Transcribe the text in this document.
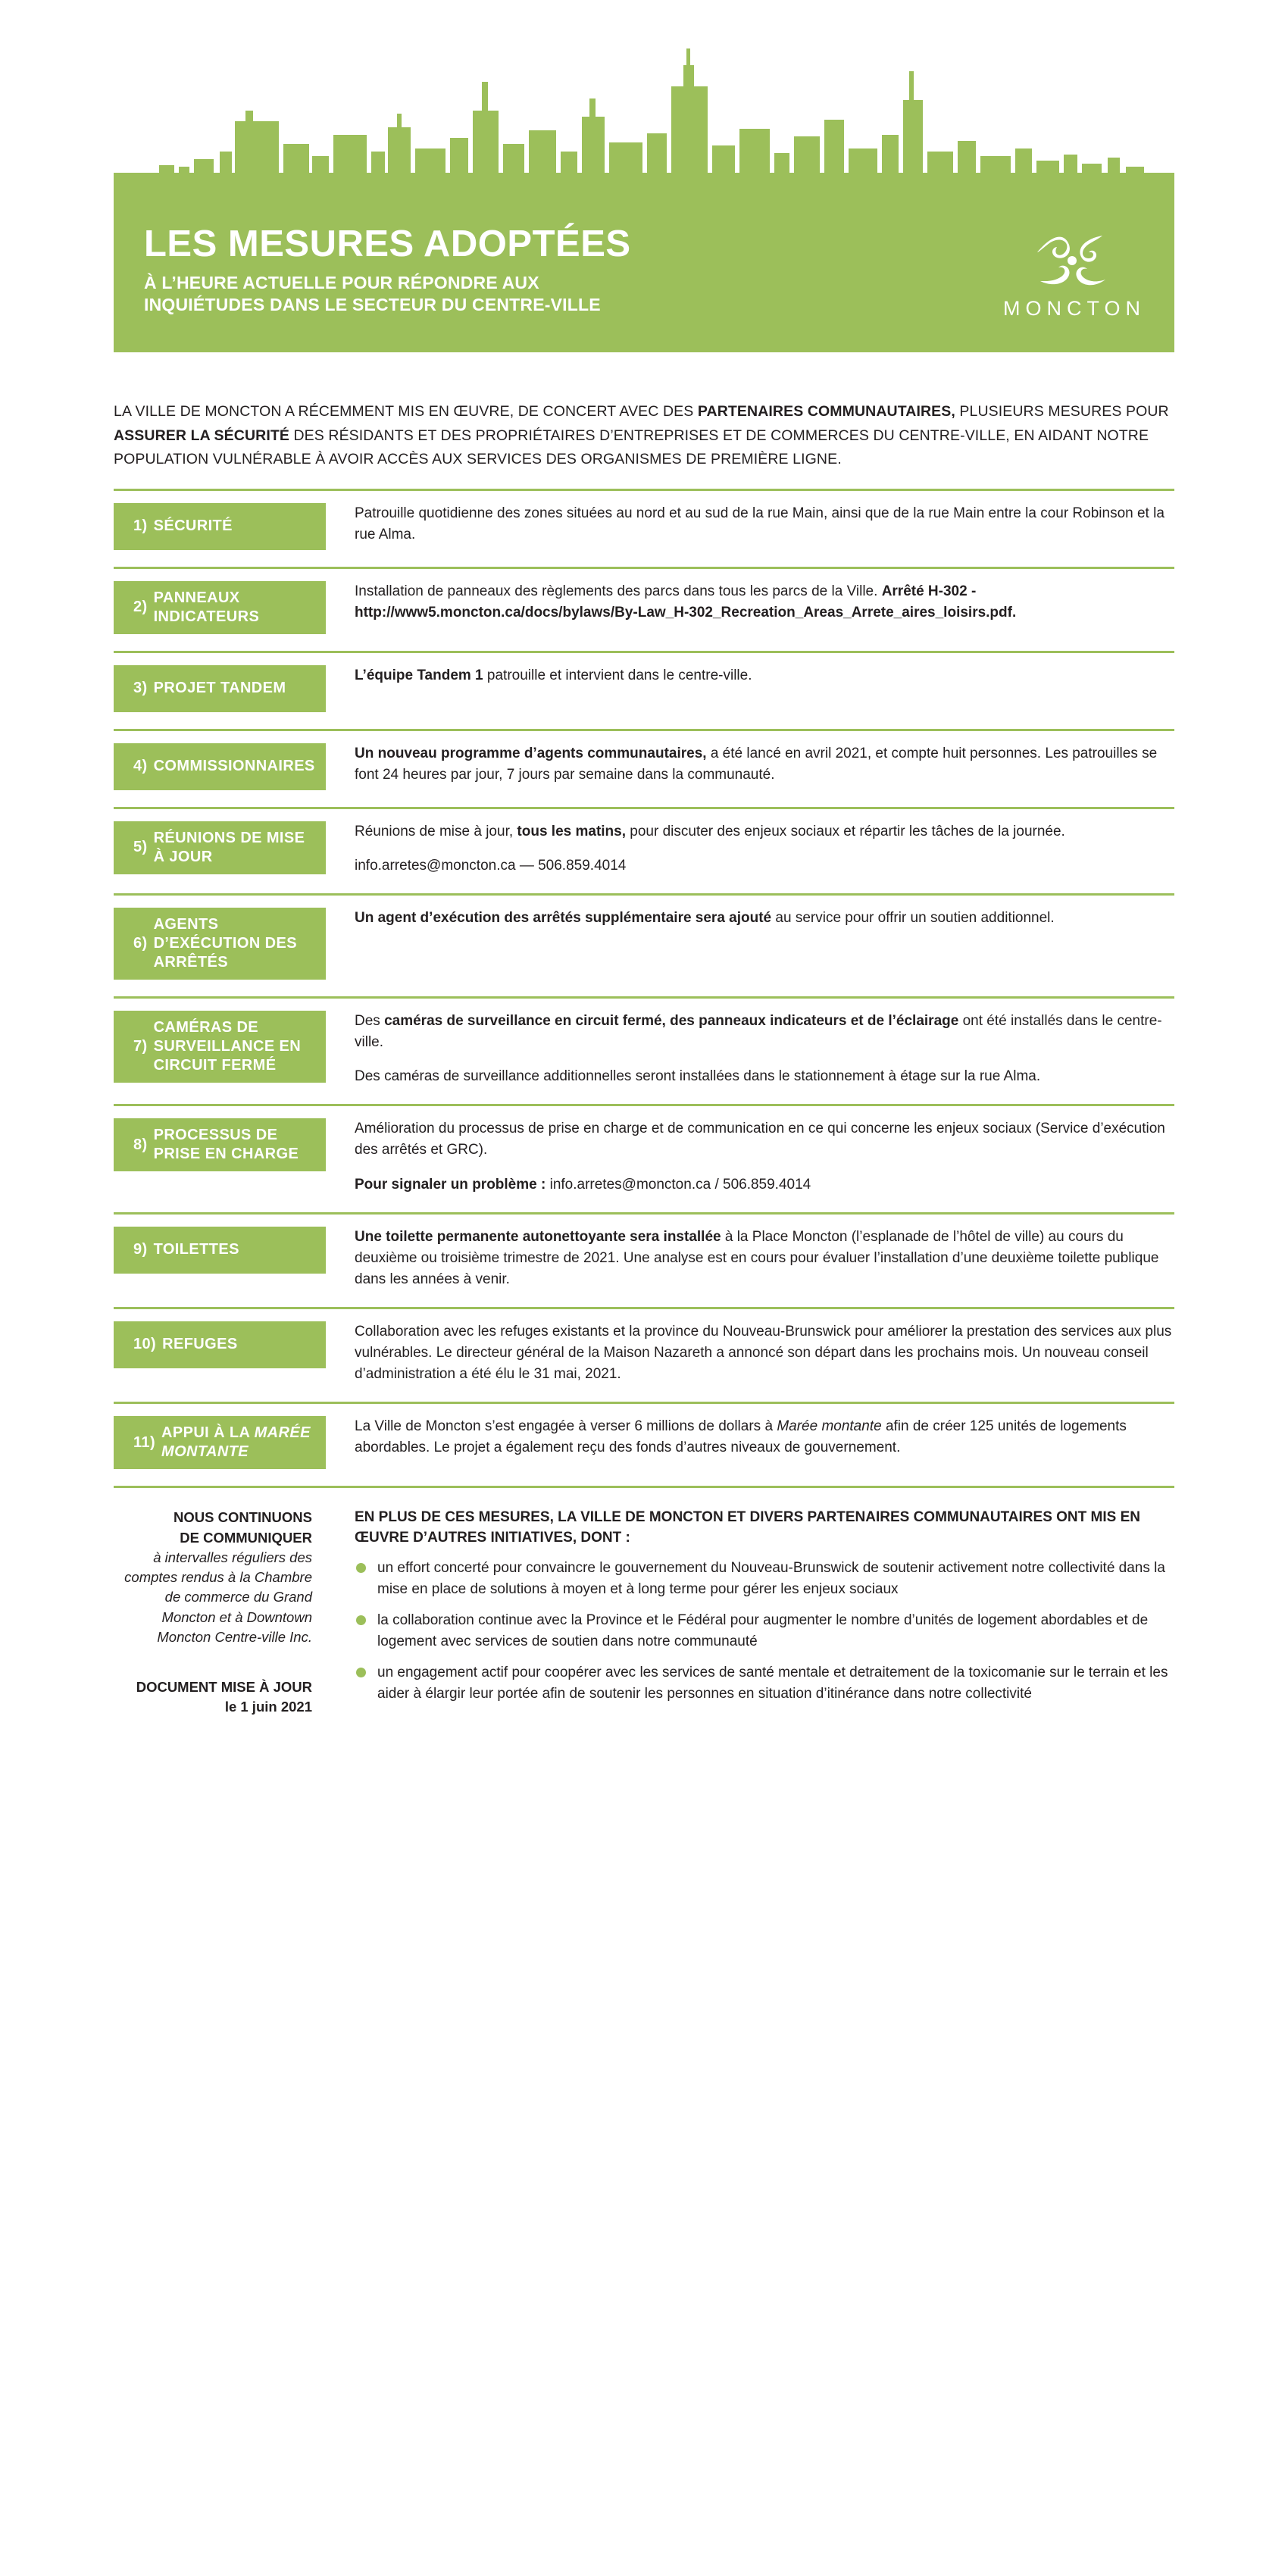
LES MESURES ADOPTÉES
À L’HEURE ACTUELLE POUR RÉPONDRE AUX
INQUIÉTUDES DANS LE SECTEUR DU CENTRE-VILLE	MONCTON
LA VILLE DE MONCTON A RÉCEMMENT MIS EN ŒUVRE, DE CONCERT AVEC DES PARTENAIRES COMMUNAUTAIRES, PLUSIEURS MESURES POUR ASSURER LA SÉCURITÉ DES RÉSIDANTS ET DES PROPRIÉTAIRES D’ENTREPRISES ET DE COMMERCES DU CENTRE-VILLE, EN AIDANT NOTRE POPULATION VULNÉRABLE À AVOIR ACCÈS AUX SERVICES DES ORGANISMES DE PREMIÈRE LIGNE.
1) SÉCURITÉ

Patrouille quotidienne des zones situées au nord et au sud de la rue Main, ainsi que de la rue Main entre la cour Robinson et la rue Alma.

2)
PANNEAUX INDICATEURS

Installation de panneaux des règlements des parcs dans tous les parcs de la Ville. Arrêté H-302 - http://www5.moncton.ca/docs/bylaws/By-Law_H-302_Recreation_Areas_Arrete_aires_loisirs.pdf.

3) PROJET TANDEM

L’équipe Tandem 1 patrouille et intervient dans le centre-ville.

4) COMMISSIONNAIRES

Un nouveau programme d’agents communautaires, a été lancé en avril 2021, et compte huit personnes. Les patrouilles se font 24 heures par jour, 7 jours par semaine dans la communauté.

5)
RÉUNIONS DE MISE À JOUR

Réunions de mise à jour, tous les matins, pour discuter des enjeux sociaux et répartir les tâches de la journée.

info.arretes@moncton.ca — 506.859.4014

6)
AGENTS D’EXÉCUTION DES ARRÊTÉS

Un agent d’exécution des arrêtés supplémentaire sera ajouté au service pour offrir un soutien additionnel.

7)
CAMÉRAS DE SURVEILLANCE EN CIRCUIT FERMÉ

Des caméras de surveillance en circuit fermé, des panneaux indicateurs et de l’éclairage ont été installés dans le centre-ville.

Des caméras de surveillance additionnelles seront installées dans le stationnement à étage sur la rue Alma.

8)
PROCESSUS DE PRISE EN CHARGE

Amélioration du processus de prise en charge et de communication en ce qui concerne les enjeux sociaux (Service d’exécution des arrêtés et GRC).

Pour signaler un problème : info.arretes@moncton.ca / 506.859.4014

9) TOILETTES

Une toilette permanente autonettoyante sera installée à la Place Moncton (l’esplanade de l’hôtel de ville) au cours du deuxième ou troisième trimestre de 2021. Une analyse est en cours pour évaluer l’installation d’une deuxième toilette publique dans les années à venir.

10) REFUGES

Collaboration avec les refuges existants et la province du Nouveau-Brunswick pour améliorer la prestation des services aux plus vulnérables. Le directeur général de la Maison Nazareth a annoncé son départ dans les prochains mois. Un nouveau conseil d’administration a été élu le 31 mai, 2021.

11)
APPUI À LA MARÉE MONTANTE

La Ville de Moncton s’est engagée à verser 6 millions de dollars à Marée montante afin de créer 125 unités de logements abordables. Le projet a également reçu des fonds d’autres niveaux de gouvernement.

NOUS CONTINUONS
DE COMMUNIQUER
à intervalles réguliers des comptes rendus à la Chambre de commerce du Grand Moncton et à Downtown Moncton Centre-ville Inc.
DOCUMENT MISE À JOUR
le 1 juin 2021
EN PLUS DE CES MESURES, LA VILLE DE MONCTON ET DIVERS PARTENAIRES COMMUNAUTAIRES ONT MIS EN ŒUVRE D’AUTRES INITIATIVES, DONT :
un effort concerté pour convaincre le gouvernement du Nouveau-Brunswick de soutenir activement notre collectivité dans la mise en place de solutions à moyen et à long terme pour gérer les enjeux sociaux
la collaboration continue avec la Province et le Fédéral pour augmenter le nombre d’unités de logement abordables et de logement avec services de soutien dans notre communauté
un engagement actif pour coopérer avec les services de santé mentale et detraitement de la toxicomanie sur le terrain et les aider à élargir leur portée afin de soutenir les personnes en situation d’itinérance dans notre collectivité
